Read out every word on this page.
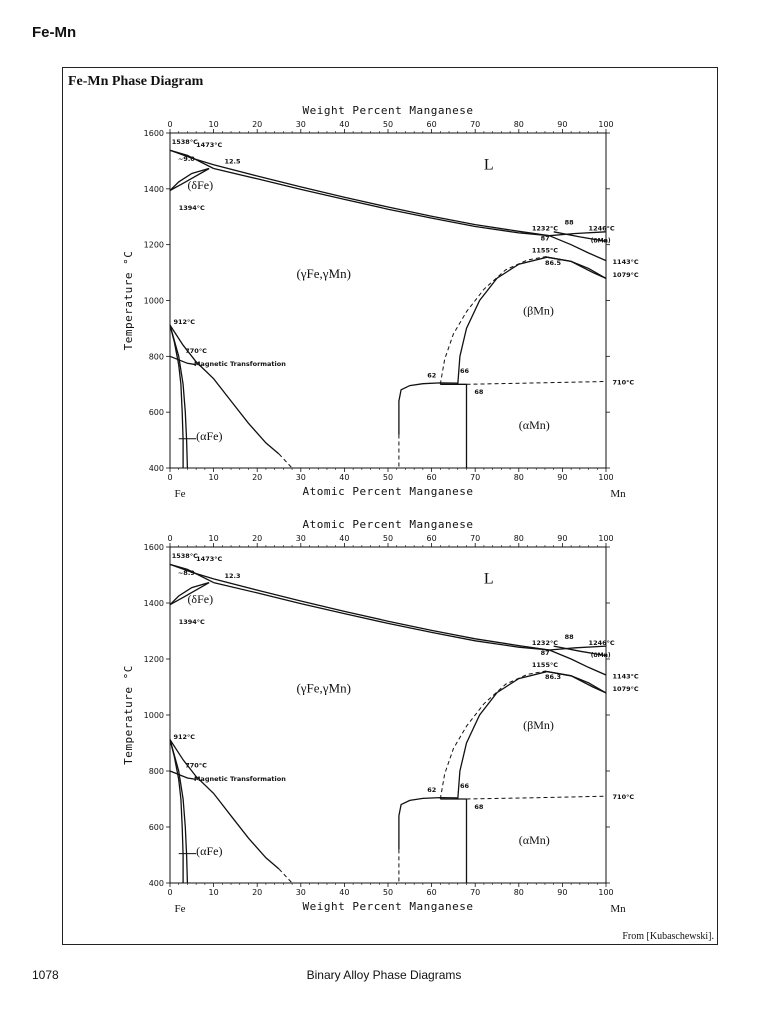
Fe-Mn
Fe-Mn Phase Diagram
From [Kubaschewski].
1078	Binary Alloy Phase Diagrams
0	10	20	30	40	50	60	70	80	90	100
Weight Percent Manganese
0	10	20	30	40	50	60	70	80	90	100
Atomic Percent Manganese
Fe	Mn
400
600
800
1000
1200
1400
1600
Temperature °C
L
(δFe)
(γFe,γMn)
(βMn)
(αMn)
(αFe)
(δMn)
1538°C
1473°C
~9.0	12.5
1394°C
1232°C
88
1246°C
87
1155°C
86.5	1143°C
1079°C
912°C
770°C
Magnetic Transformation
62
66
68
710°C
0	10	20	30	40	50	60	70	80	90	100
Atomic Percent Manganese
0	10	20	30	40	50	60	70	80	90	100
Weight Percent Manganese
Fe	Mn
400
600
800
1000
1200
1400
1600
Temperature °C
L
(δFe)
(γFe,γMn)
(βMn)
(αMn)
(αFe)
(δMn)
1538°C
1473°C
~8.9	12.3
1394°C
1232°C
88
1246°C
87
1155°C
86.3	1143°C
1079°C
912°C
770°C
Magnetic Transformation
62
66
68
710°C
